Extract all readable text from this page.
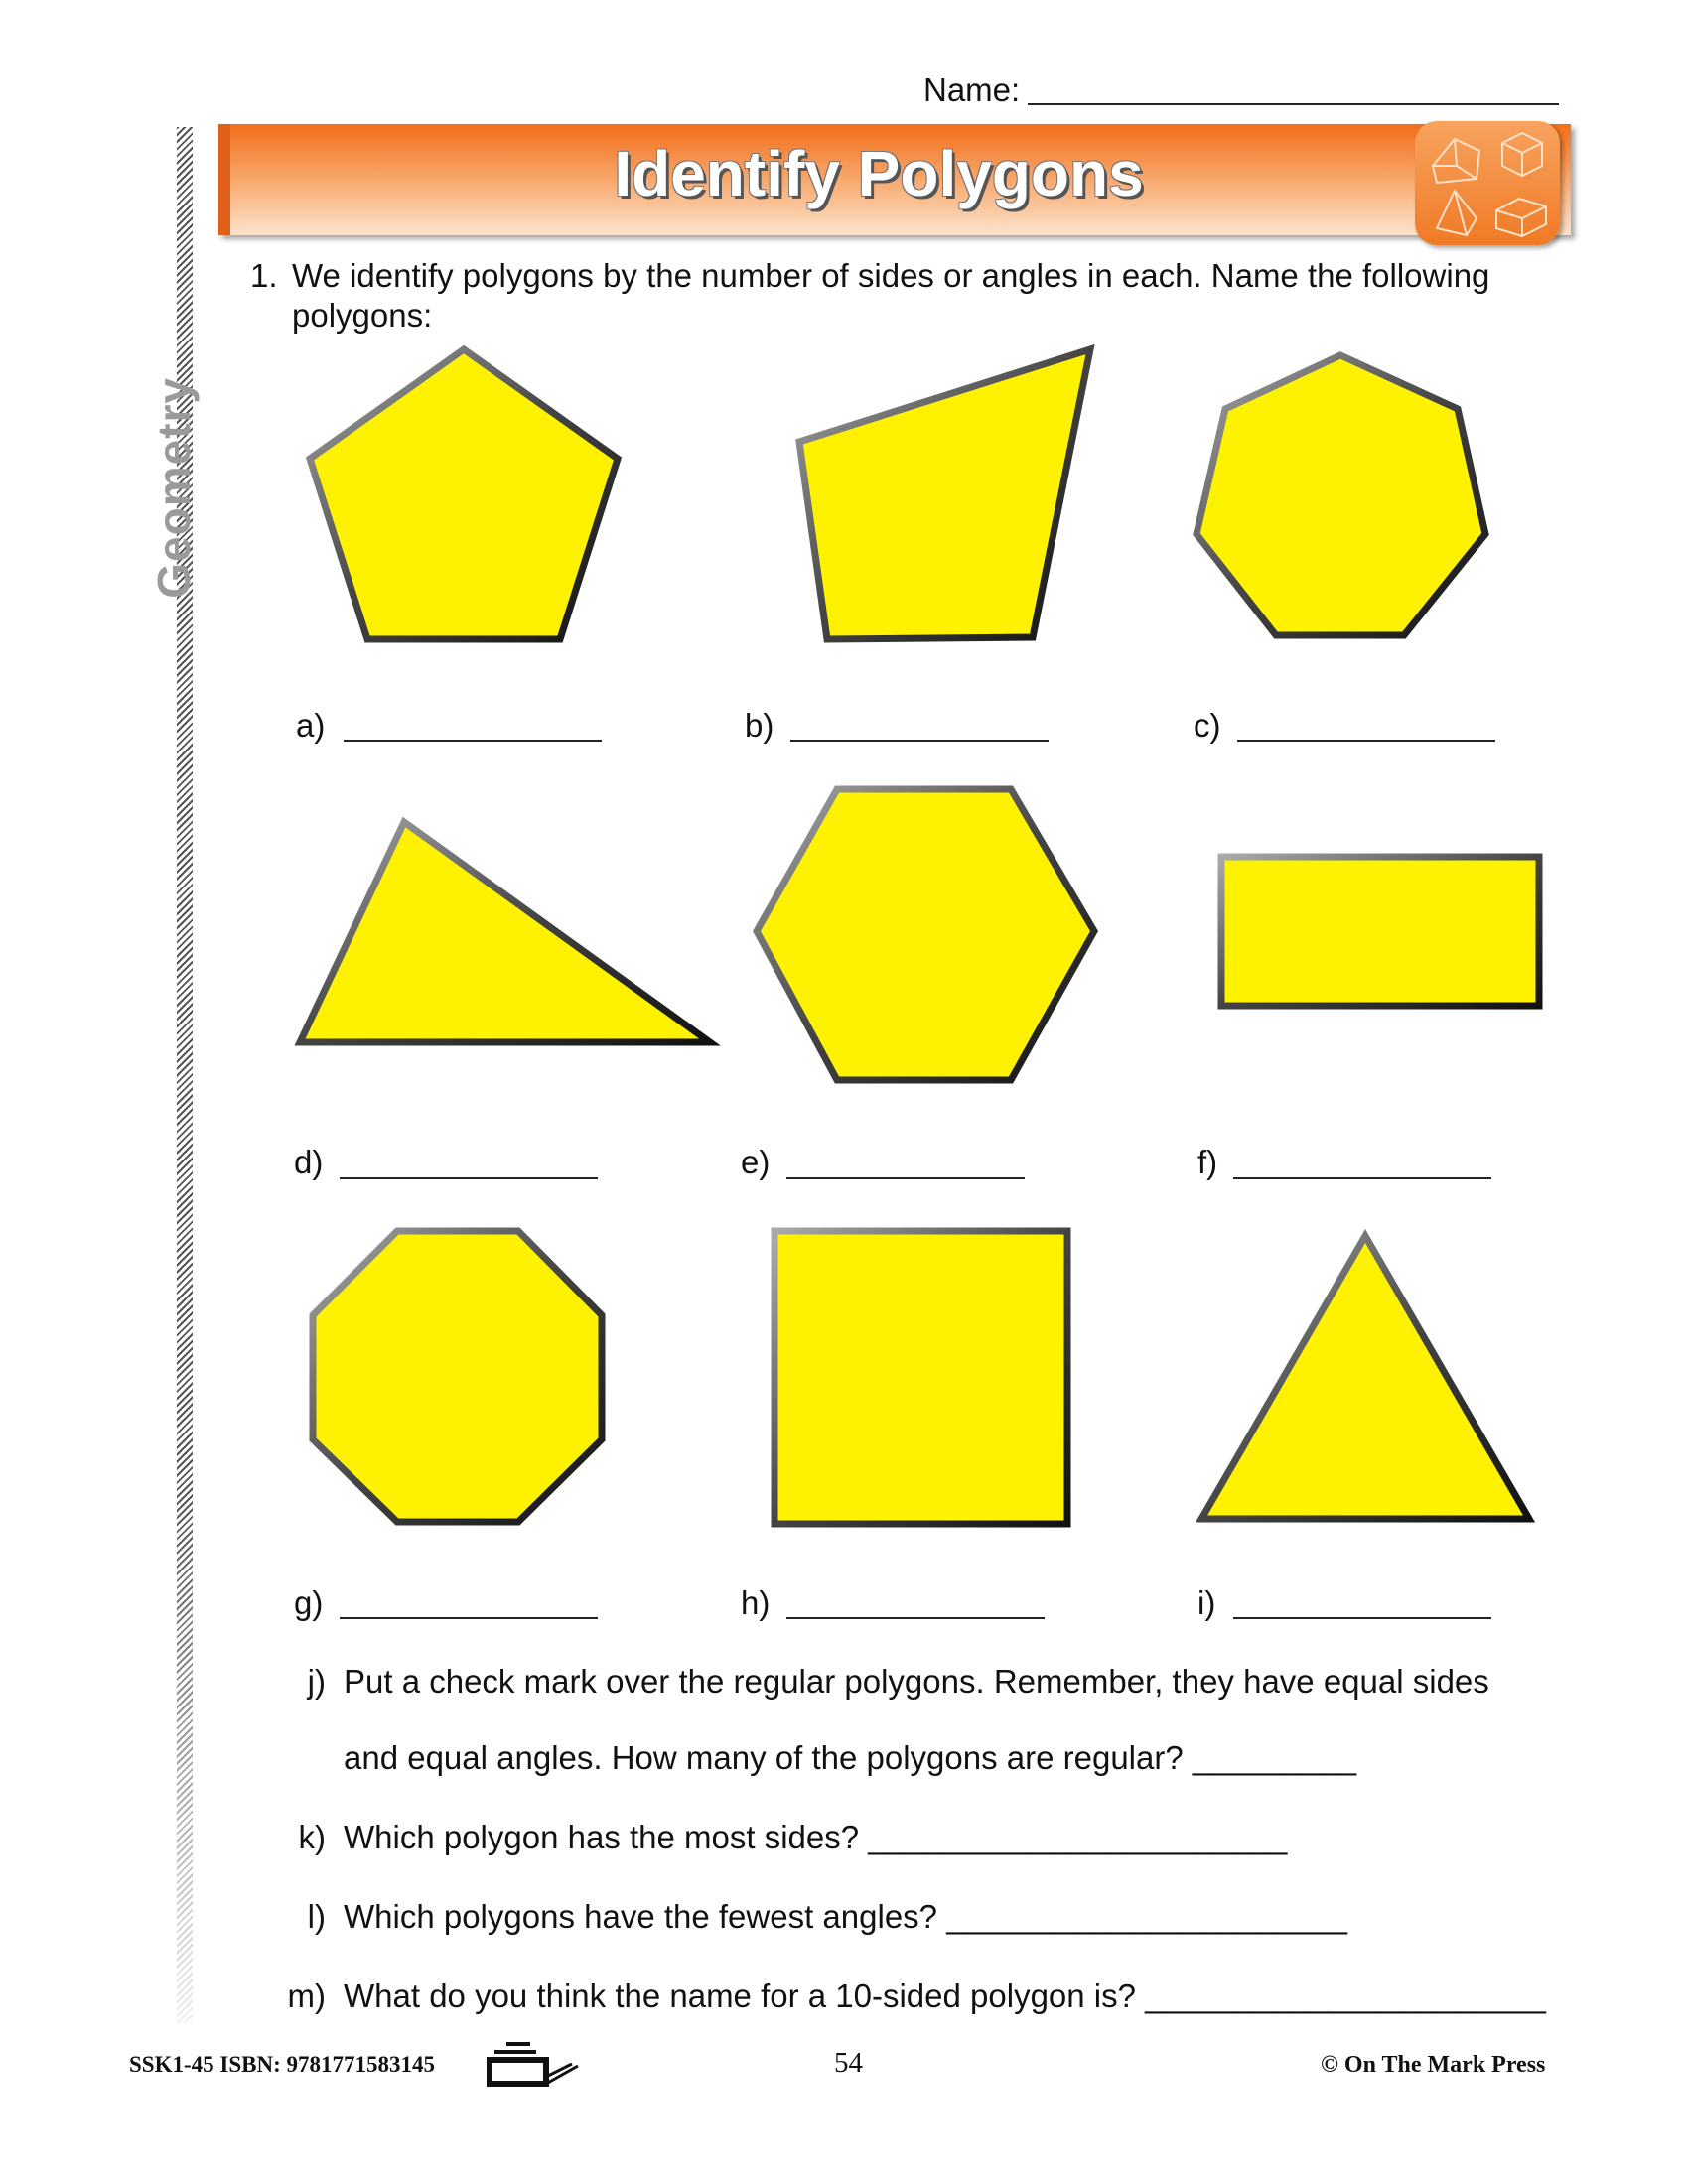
Name:
Geometry
Identify Polygons
1. We identify polygons by the number of sides or angles in each. Name the following polygons:
a)	b)	c)
d)	e)	f)
g)	h)	i)
j) Put a check mark over the regular polygons. Remember, they have equal sides
and equal angles. How many of the polygons are regular? _________
k) Which polygon has the most sides? _______________________
l) Which polygons have the fewest angles? ______________________
m) What do you think the name for a 10-sided polygon is? ______________________
SSK1-45 ISBN: 9781771583145	54	© On The Mark Press
